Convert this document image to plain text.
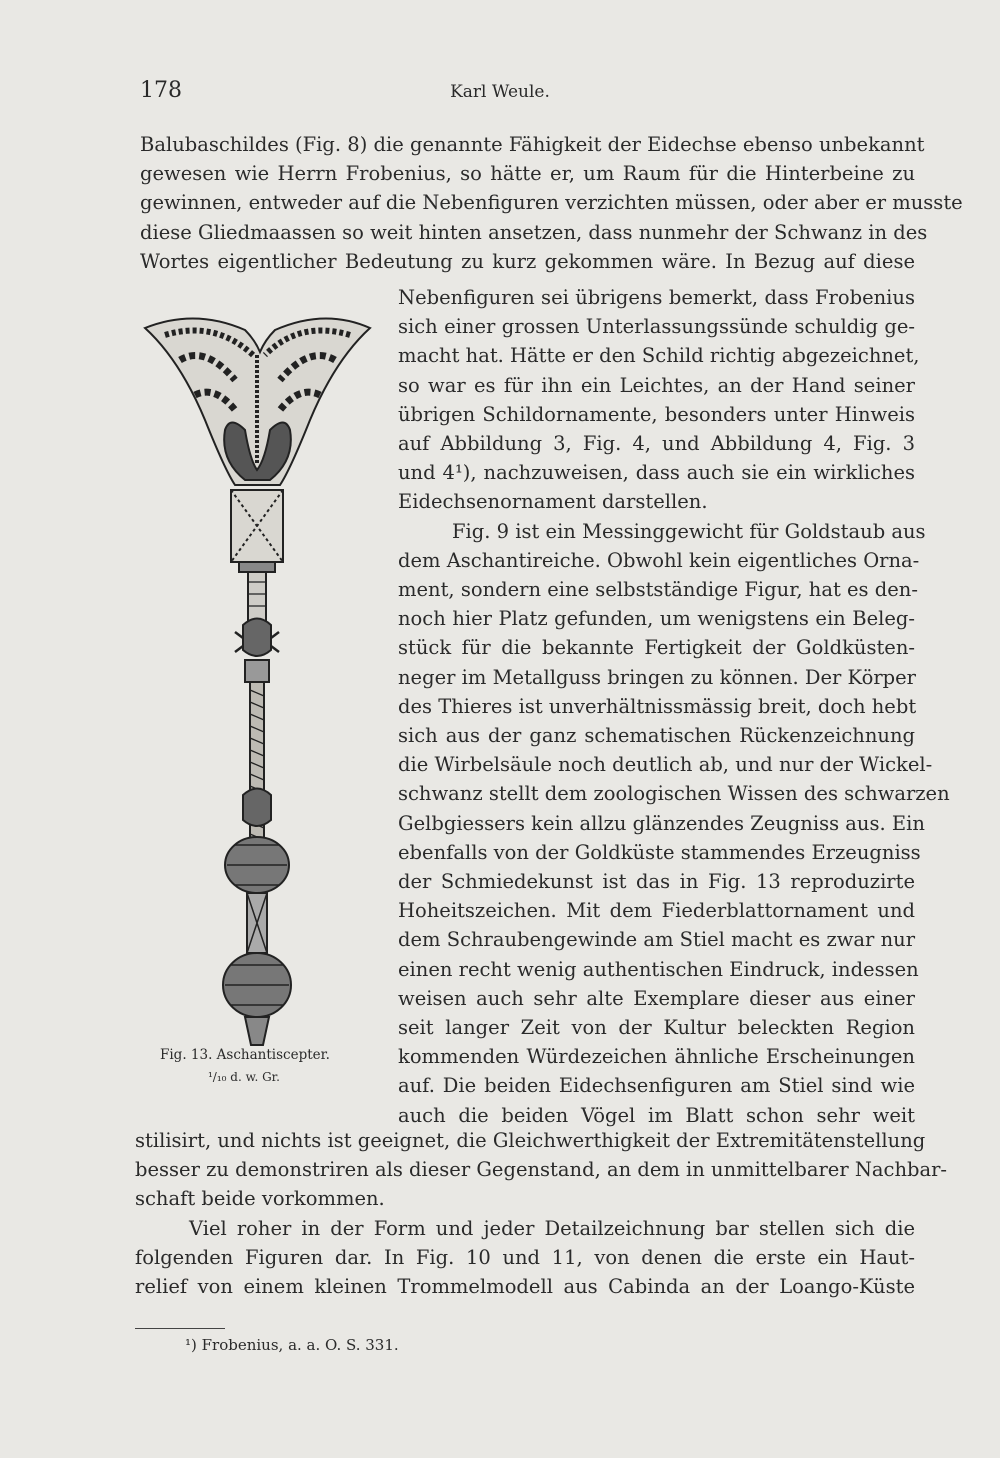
178	Karl Weule.
Balubaschildes (Fig. 8) die genannte Fähigkeit der Eidechse ebenso unbekannt
gewesen wie Herrn Frobenius, so hätte er, um Raum für die Hinterbeine zu
gewinnen, entweder auf die Nebenfiguren verzichten müssen, oder aber er musste
diese Gliedmaassen so weit hinten ansetzen, dass nunmehr der Schwanz in des
Wortes eigentlicher Bedeutung zu kurz gekommen wäre. In Bezug auf diese
Nebenfiguren sei übrigens bemerkt, dass Frobenius
sich einer grossen Unterlassungssünde schuldig ge-
macht hat. Hätte er den Schild richtig abgezeichnet,
so war es für ihn ein Leichtes, an der Hand seiner
übrigen Schildornamente, besonders unter Hinweis
auf Abbildung 3, Fig. 4, und Abbildung 4, Fig. 3
und 4¹), nachzuweisen, dass auch sie ein wirkliches
Eidechsenornament darstellen.
Fig. 9 ist ein Messinggewicht für Goldstaub aus
dem Aschantireiche. Obwohl kein eigentliches Orna-
ment, sondern eine selbstständige Figur, hat es den-
noch hier Platz gefunden, um wenigstens ein Beleg-
stück für die bekannte Fertigkeit der Goldküsten-
neger im Metallguss bringen zu können. Der Körper
des Thieres ist unverhältnissmässig breit, doch hebt
sich aus der ganz schematischen Rückenzeichnung
die Wirbelsäule noch deutlich ab, und nur der Wickel-
schwanz stellt dem zoologischen Wissen des schwarzen
Gelbgiessers kein allzu glänzendes Zeugniss aus. Ein
ebenfalls von der Goldküste stammendes Erzeugniss
der Schmiedekunst ist das in Fig. 13 reproduzirte
Hoheitszeichen. Mit dem Fiederblattornament und
dem Schraubengewinde am Stiel macht es zwar nur
einen recht wenig authentischen Eindruck, indessen
weisen auch sehr alte Exemplare dieser aus einer
seit langer Zeit von der Kultur beleckten Region
kommenden Würdezeichen ähnliche Erscheinungen
auf. Die beiden Eidechsenfiguren am Stiel sind wie
auch die beiden Vögel im Blatt schon sehr weit
stilisirt, und nichts ist geeignet, die Gleichwerthigkeit der Extremitätenstellung
besser zu demonstriren als dieser Gegenstand, an dem in unmittelbarer Nachbar-
schaft beide vorkommen.
Viel roher in der Form und jeder Detailzeichnung bar stellen sich die
folgenden Figuren dar. In Fig. 10 und 11, von denen die erste ein Haut-
relief von einem kleinen Trommelmodell aus Cabinda an der Loango-Küste
Fig. 13. Aschantiscepter.
¹/₁₀ d. w. Gr.
¹) Frobenius, a. a. O. S. 331.
